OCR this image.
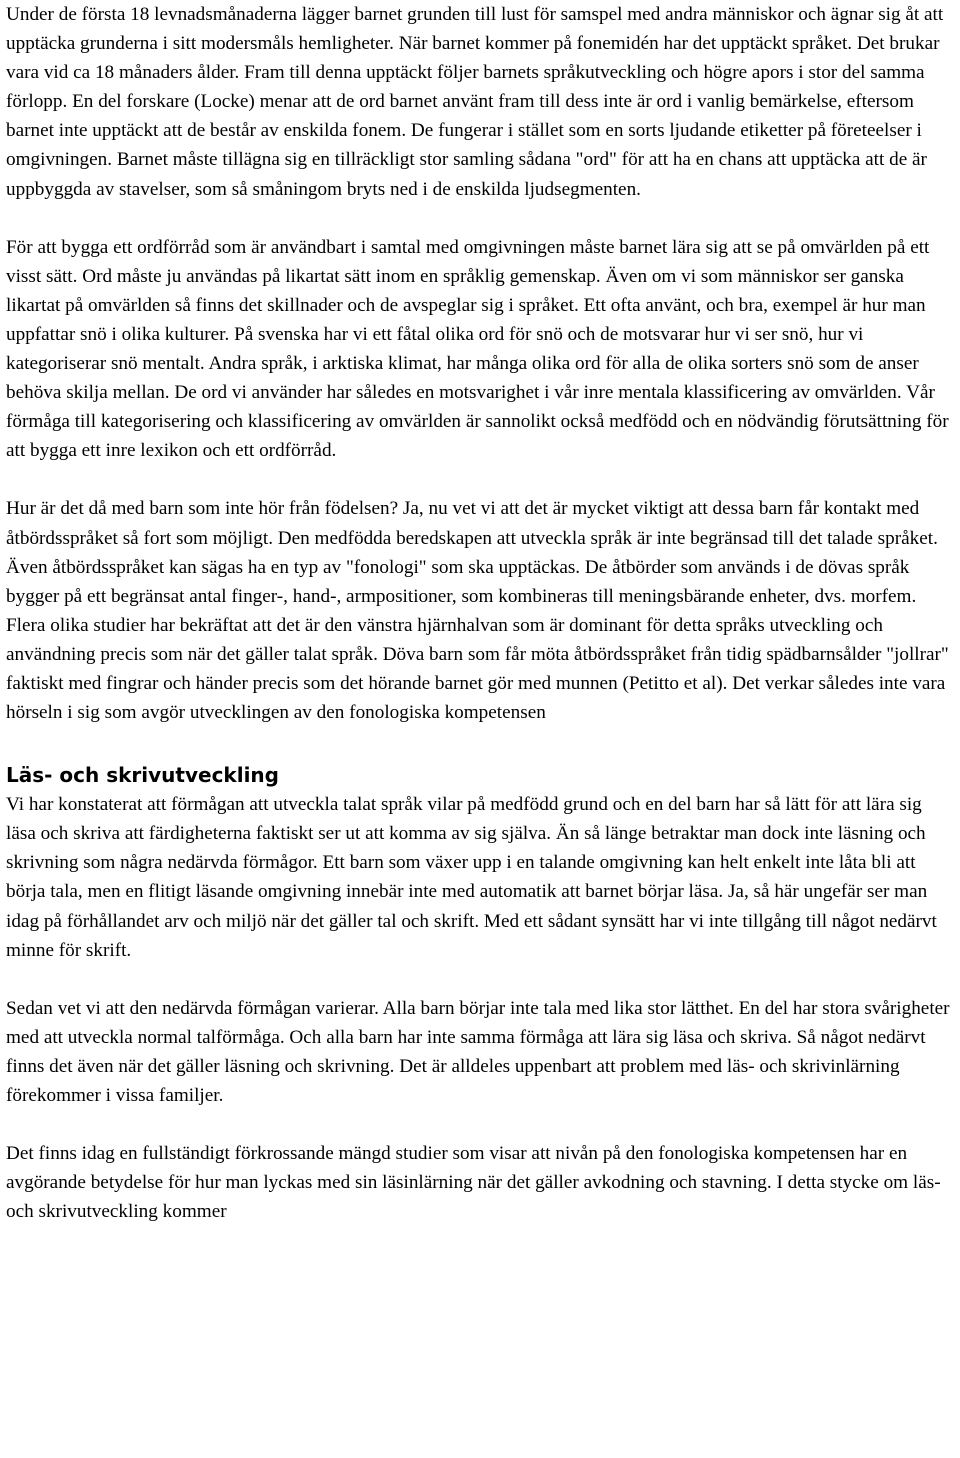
Under de första 18 levnadsmånaderna lägger barnet grunden till lust för samspel med andra människor och ägnar sig åt att upptäcka grunderna i sitt modersmåls hemligheter. När barnet kommer på fonemidén har det upptäckt språket. Det brukar vara vid ca 18 månaders ålder. Fram till denna upptäckt följer barnets språkutveckling och högre apors i stor del samma förlopp. En del forskare (Locke) menar att de ord barnet använt fram till dess inte är ord i vanlig bemärkelse, eftersom barnet inte upptäckt att de består av enskilda fonem. De fungerar i stället som en sorts ljudande etiketter på företeelser i omgivningen. Barnet måste tillägna sig en tillräckligt stor samling sådana "ord" för att ha en chans att upptäcka att de är uppbyggda av stavelser, som så småningom bryts ned i de enskilda ljudsegmenten.

För att bygga ett ordförråd som är användbart i samtal med omgivningen måste barnet lära sig att se på omvärlden på ett visst sätt. Ord måste ju användas på likartat sätt inom en språklig gemenskap. Även om vi som människor ser ganska likartat på omvärlden så finns det skillnader och de avspeglar sig i språket. Ett ofta använt, och bra, exempel är hur man uppfattar snö i olika kulturer. På svenska har vi ett fåtal olika ord för snö och de motsvarar hur vi ser snö, hur vi kategoriserar snö mentalt. Andra språk, i arktiska klimat, har många olika ord för alla de olika sorters snö som de anser behöva skilja mellan. De ord vi använder har således en motsvarighet i vår inre mentala klassificering av omvärlden. Vår förmåga till kategorisering och klassificering av omvärlden är sannolikt också medfödd och en nödvändig förutsättning för att bygga ett inre lexikon och ett ordförråd.

Hur är det då med barn som inte hör från födelsen? Ja, nu vet vi att det är mycket viktigt att dessa barn får kontakt med åtbördsspråket så fort som möjligt. Den medfödda beredskapen att utveckla språk är inte begränsad till det talade språket. Även åtbördsspråket kan sägas ha en typ av "fonologi" som ska upptäckas. De åtbörder som används i de dövas språk bygger på ett begränsat antal finger-, hand-, armpositioner, som kombineras till meningsbärande enheter, dvs. morfem. Flera olika studier har bekräftat att det är den vänstra hjärnhalvan som är dominant för detta språks utveckling och användning precis som när det gäller talat språk. Döva barn som får möta åtbördsspråket från tidig spädbarnsålder "jollrar" faktiskt med fingrar och händer precis som det hörande barnet gör med munnen (Petitto et al). Det verkar således inte vara hörseln i sig som avgör utvecklingen av den fonologiska kompetensen

Läs- och skrivutveckling

Vi har konstaterat att förmågan att utveckla talat språk vilar på medfödd grund och en del barn har så lätt för att lära sig läsa och skriva att färdigheterna faktiskt ser ut att komma av sig själva. Än så länge betraktar man dock inte läsning och skrivning som några nedärvda förmågor. Ett barn som växer upp i en talande omgivning kan helt enkelt inte låta bli att börja tala, men en flitigt läsande omgivning innebär inte med automatik att barnet börjar läsa. Ja, så här ungefär ser man idag på förhållandet arv och miljö när det gäller tal och skrift. Med ett sådant synsätt har vi inte tillgång till något nedärvt minne för skrift.

Sedan vet vi att den nedärvda förmågan varierar. Alla barn börjar inte tala med lika stor lätthet. En del har stora svårigheter med att utveckla normal talförmåga. Och alla barn har inte samma förmåga att lära sig läsa och skriva. Så något nedärvt finns det även när det gäller läsning och skrivning. Det är alldeles uppenbart att problem med läs- och skrivinlärning förekommer i vissa familjer.

Det finns idag en fullständigt förkrossande mängd studier som visar att nivån på den fonologiska kompetensen har en avgörande betydelse för hur man lyckas med sin läsinlärning när det gäller avkodning och stavning. I detta stycke om läs- och skrivutveckling kommer
